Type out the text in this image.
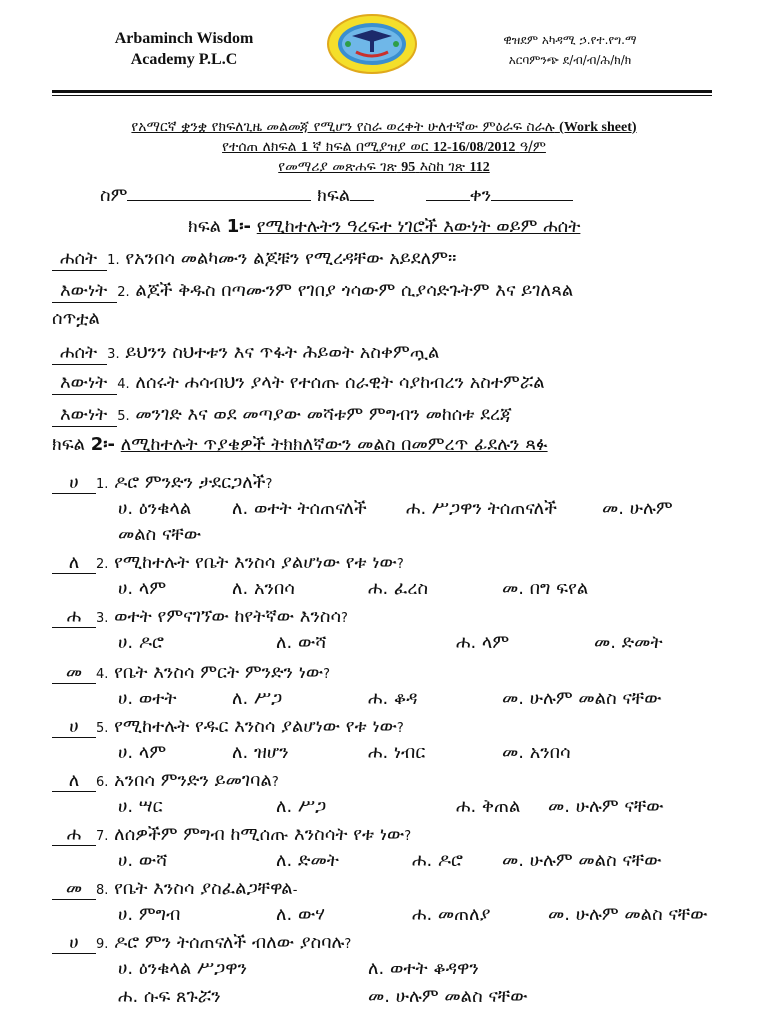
Arbaminch Wisdom
Academy P.L.C
ዊዝደም አካዳሚ ኃ.የተ.የግ.ማ
አርባምንጭ ደ/ብ/ብ/ሕ/ክ/ክ
የአማርኛ ቋንቋ የክፍለጊዜ መልመጃ የሚሆን የስራ ወረቀት ሁለተኛው ምዕራፍ ስራሉ (Work sheet)
የተሰጠ ለክፍል 1 ኛ ክፍል በሚያዝያ ወር 12-16/08/2012 ዓ/ም
የመማሪያ መጽሐፍ ገጽ 95 እስከ ገጽ 112
ስም	ክፍል	ቀን
ክፍል 1፡- የሚከተሉትን ዓረፍተ ነገሮች እውነት ወይም ሐሰት
ሐሰት 1. የአንበሳ መልካሙን ልጆቹን የሚረዳቸው አይደለም።
እውነት 2. ልጆች ቅዱስ በጣሙንም የገበያ ጎሳውም ሲያሳድጉትም እና ይገለጻል
ሰጥቷል
ሐሰት 3. ይህንን ስህተቱን እና ጥፋት ሕይወት አስቀምጧል
እውነት 4. ለሰሩት ሐሳብህን ያላት የተሰጡ ሰራዊት ሳያከብረን አስተምሯል
እውነት 5. መንገድ እና ወደ መጣያው መሻቱም ምግብን መከሰቱ ደረጃ
ክፍል 2፡- ለሚከተሉት ጥያቄዎች ትክክለኛውን መልስ በመምረጥ ፊደሉን ጻፉ
ሀ 1. ዶሮ ምንድን ታደርጋለች?
ሀ. ዕንቁላል ለ. ወተት ትሰጠናለች ሐ. ሥጋዋን ትሰጠናለች	መ. ሁሉም
መልስ ናቸው
ለ 2. የሚከተሉት የቤት እንስሳ ያልሆነው የቱ ነው?
ሀ. ላም	ለ. አንበሳ	ሐ. ፈረስ	መ. በግ ፍየል
ሐ 3. ወተት የምናገኘው ከየትኛው እንስሳ?
ሀ. ዶሮ	ለ. ውሻ	ሐ. ላም	መ. ድመት
መ 4. የቤት እንስሳ ምርት ምንድን ነው?
ሀ. ወተት	ለ. ሥጋ	ሐ. ቆዳ	መ. ሁሉም መልስ ናቸው
ሀ 5. የሚከተሉት የዱር እንስሳ ያልሆነው የቱ ነው?
ሀ. ላም	ለ. ዝሆን	ሐ. ነብር	መ. አንበሳ
ለ 6. አንበሳ ምንድን ይመገባል?
ሀ. ሣር	ለ. ሥጋ	ሐ. ቅጠል መ. ሁሉም ናቸው
ሐ 7. ለሰዎችም ምግብ ከሚሰጡ እንስሳት የቱ ነው?
ሀ. ውሻ	ለ. ድመት	ሐ. ዶሮ መ. ሁሉም መልስ ናቸው
መ 8. የቤት እንስሳ ያስፈልጋቸዋል-
ሀ. ምግብ	ለ. ውሃ	ሐ. መጠለያ	መ. ሁሉም መልስ ናቸው
ሀ 9. ዶሮ ምን ትሰጠናለች ብለው ያስባሉ?
ሀ. ዕንቁላል ሥጋዋን	ለ. ወተት ቆዳዋን
ሐ. ሱፍ ጸጉሯን	መ. ሁሉም መልስ ናቸው
